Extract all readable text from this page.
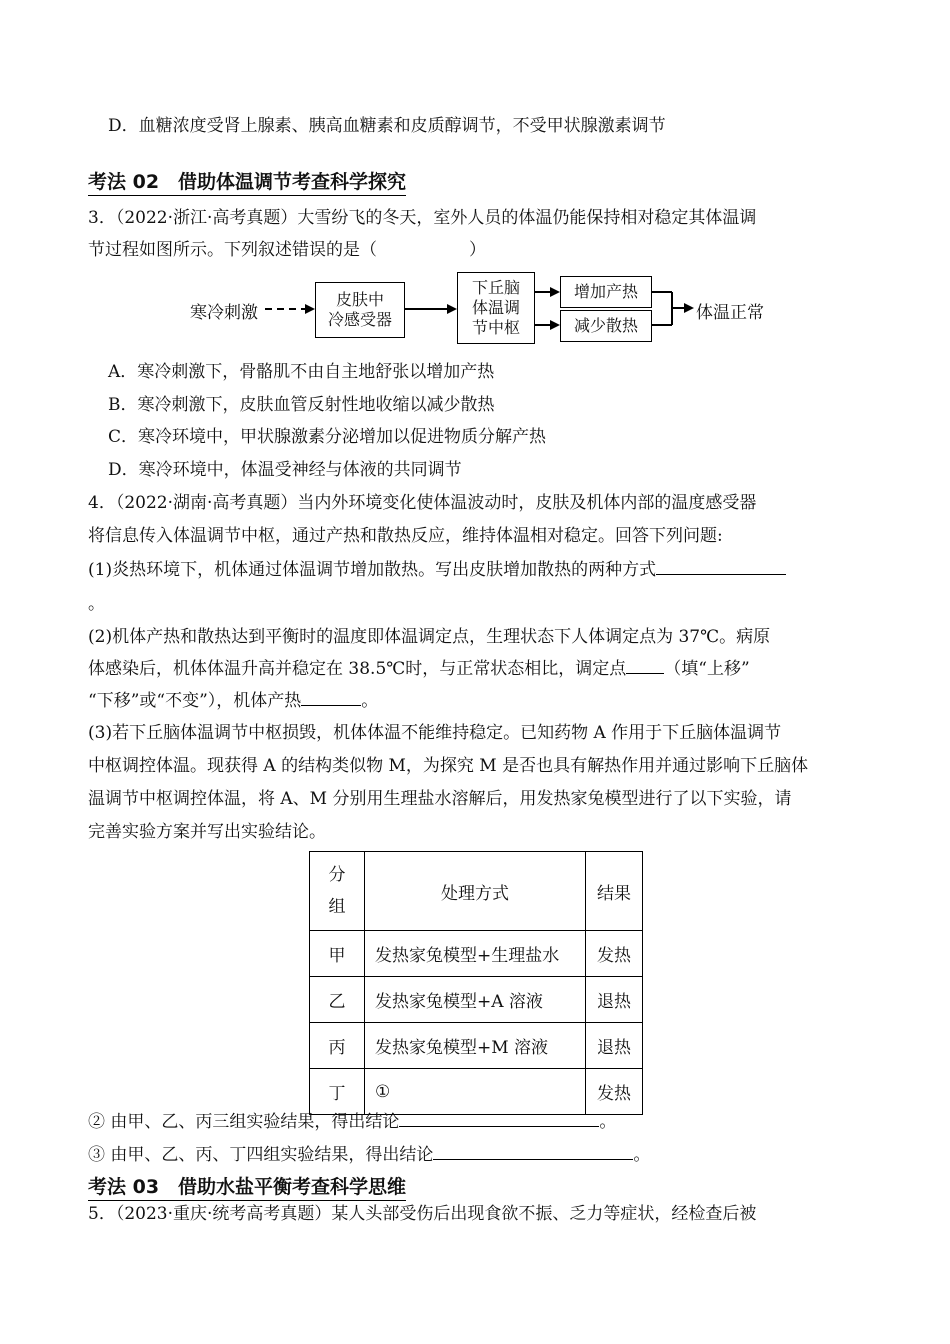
D．血糖浓度受肾上腺素、胰高血糖素和皮质醇调节，不受甲状腺激素调节
考法 02　借助体温调节考查科学探究
3．（2022·浙江·高考真题）大雪纷飞的冬天，室外人员的体温仍能保持相对稳定其体温调
节过程如图所示。下列叙述错误的是（	）
寒冷刺激
皮肤中
冷感受器
下丘脑
体温调
节中枢
增加产热
减少散热
体温正常
A．寒冷刺激下，骨骼肌不由自主地舒张以增加产热
B．寒冷刺激下，皮肤血管反射性地收缩以减少散热
C．寒冷环境中，甲状腺激素分泌增加以促进物质分解产热
D．寒冷环境中，体温受神经与体液的共同调节
4．（2022·湖南·高考真题）当内外环境变化使体温波动时，皮肤及机体内部的温度感受器
将信息传入体温调节中枢，通过产热和散热反应，维持体温相对稳定。回答下列问题:
(1)炎热环境下，机体通过体温调节增加散热。写出皮肤增加散热的两种方式
。
(2)机体产热和散热达到平衡时的温度即体温调定点，生理状态下人体调定点为 37℃。病原
体感染后，机体体温升高并稳定在 38.5℃时，与正常状态相比，调定点 （填“上移”
“下移”或“不变”），机体产热	。
(3)若下丘脑体温调节中枢损毁，机体体温不能维持稳定。已知药物 A 作用于下丘脑体温调节
中枢调控体温。现获得 A 的结构类似物 M，为探究 M 是否也具有解热作用并通过影响下丘脑体
温调节中枢调控体温，将 A、M 分别用生理盐水溶解后，用发热家兔模型进行了以下实验，请
完善实验方案并写出实验结论。
分
组	处理方式	结果
甲	发热家兔模型+生理盐水	发热
乙	发热家兔模型+A 溶液	退热
丙	发热家兔模型+M 溶液	退热
丁	①	发热
② 由甲、乙、丙三组实验结果，得出结论	。
③ 由甲、乙、丙、丁四组实验结果，得出结论	。
考法 03　借助水盐平衡考查科学思维
5．（2023·重庆·统考高考真题）某人头部受伤后出现食欲不振、乏力等症状，经检查后被
